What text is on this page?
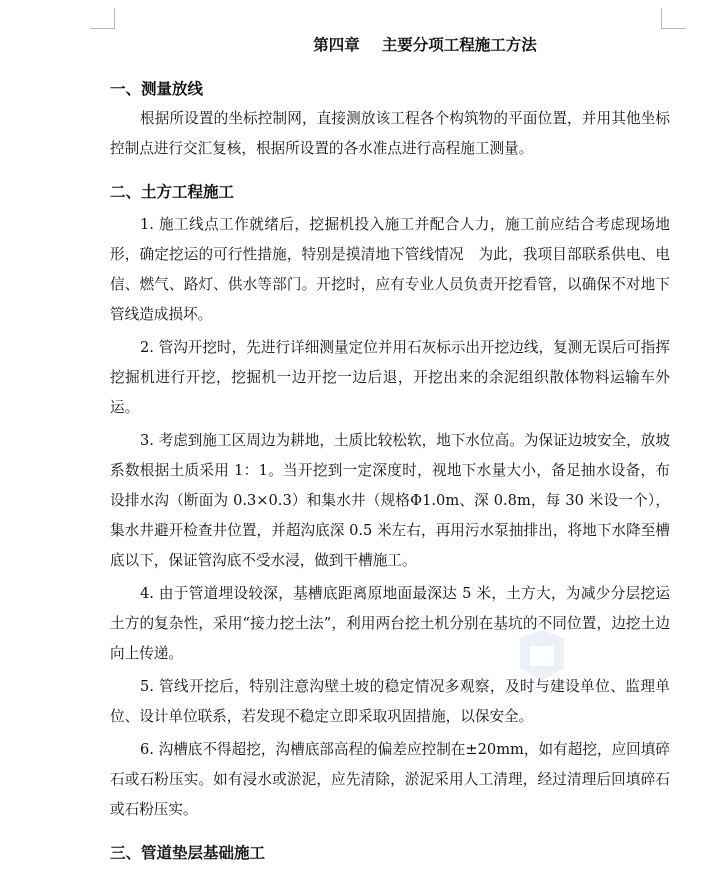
第四章 主要分项工程施工方法
一、测量放线

根据所设置的坐标控制网，直接测放该工程各个构筑物的平面位置，并用其他坐标控制点进行交汇复核，根据所设置的各水准点进行高程施工测量。

二、土方工程施工

1. 施工线点工作就绪后，挖掘机投入施工并配合人力，施工前应结合考虑现场地形，确定挖运的可行性措施，特别是摸清地下管线情况　为此，我项目部联系供电、电信、燃气、路灯、供水等部门。开挖时，应有专业人员负责开挖看管，以确保不对地下管线造成损坏。

2. 管沟开挖时，先进行详细测量定位并用石灰标示出开挖边线，复测无误后可指挥挖掘机进行开挖，挖掘机一边开挖一边后退，开挖出来的余泥组织散体物料运输车外运。

3. 考虑到施工区周边为耕地，土质比较松软，地下水位高。为保证边坡安全，放坡系数根据土质采用 1：1。当开挖到一定深度时，视地下水量大小，备足抽水设备，布设排水沟（断面为 0.3×0.3）和集水井（规格Φ1.0m、深 0.8m，每 30 米设一个），集水井避开检查井位置，并超沟底深 0.5 米左右，再用污水泵抽排出，将地下水降至槽底以下，保证管沟底不受水浸，做到干槽施工。

4. 由于管道埋设较深，基槽底距离原地面最深达 5 米，土方大，为减少分层挖运土方的复杂性，采用“接力挖土法”，利用两台挖土机分别在基坑的不同位置，边挖土边向上传递。

5. 管线开挖后，特别注意沟壁土坡的稳定情况多观察，及时与建设单位、监理单位、设计单位联系，若发现不稳定立即采取巩固措施，以保安全。

6. 沟槽底不得超挖，沟槽底部高程的偏差应控制在±20mm，如有超挖，应回填碎石或石粉压实。如有浸水或淤泥，应先清除，淤泥采用人工清理，经过清理后回填碎石或石粉压实。

三、管道垫层基础施工
